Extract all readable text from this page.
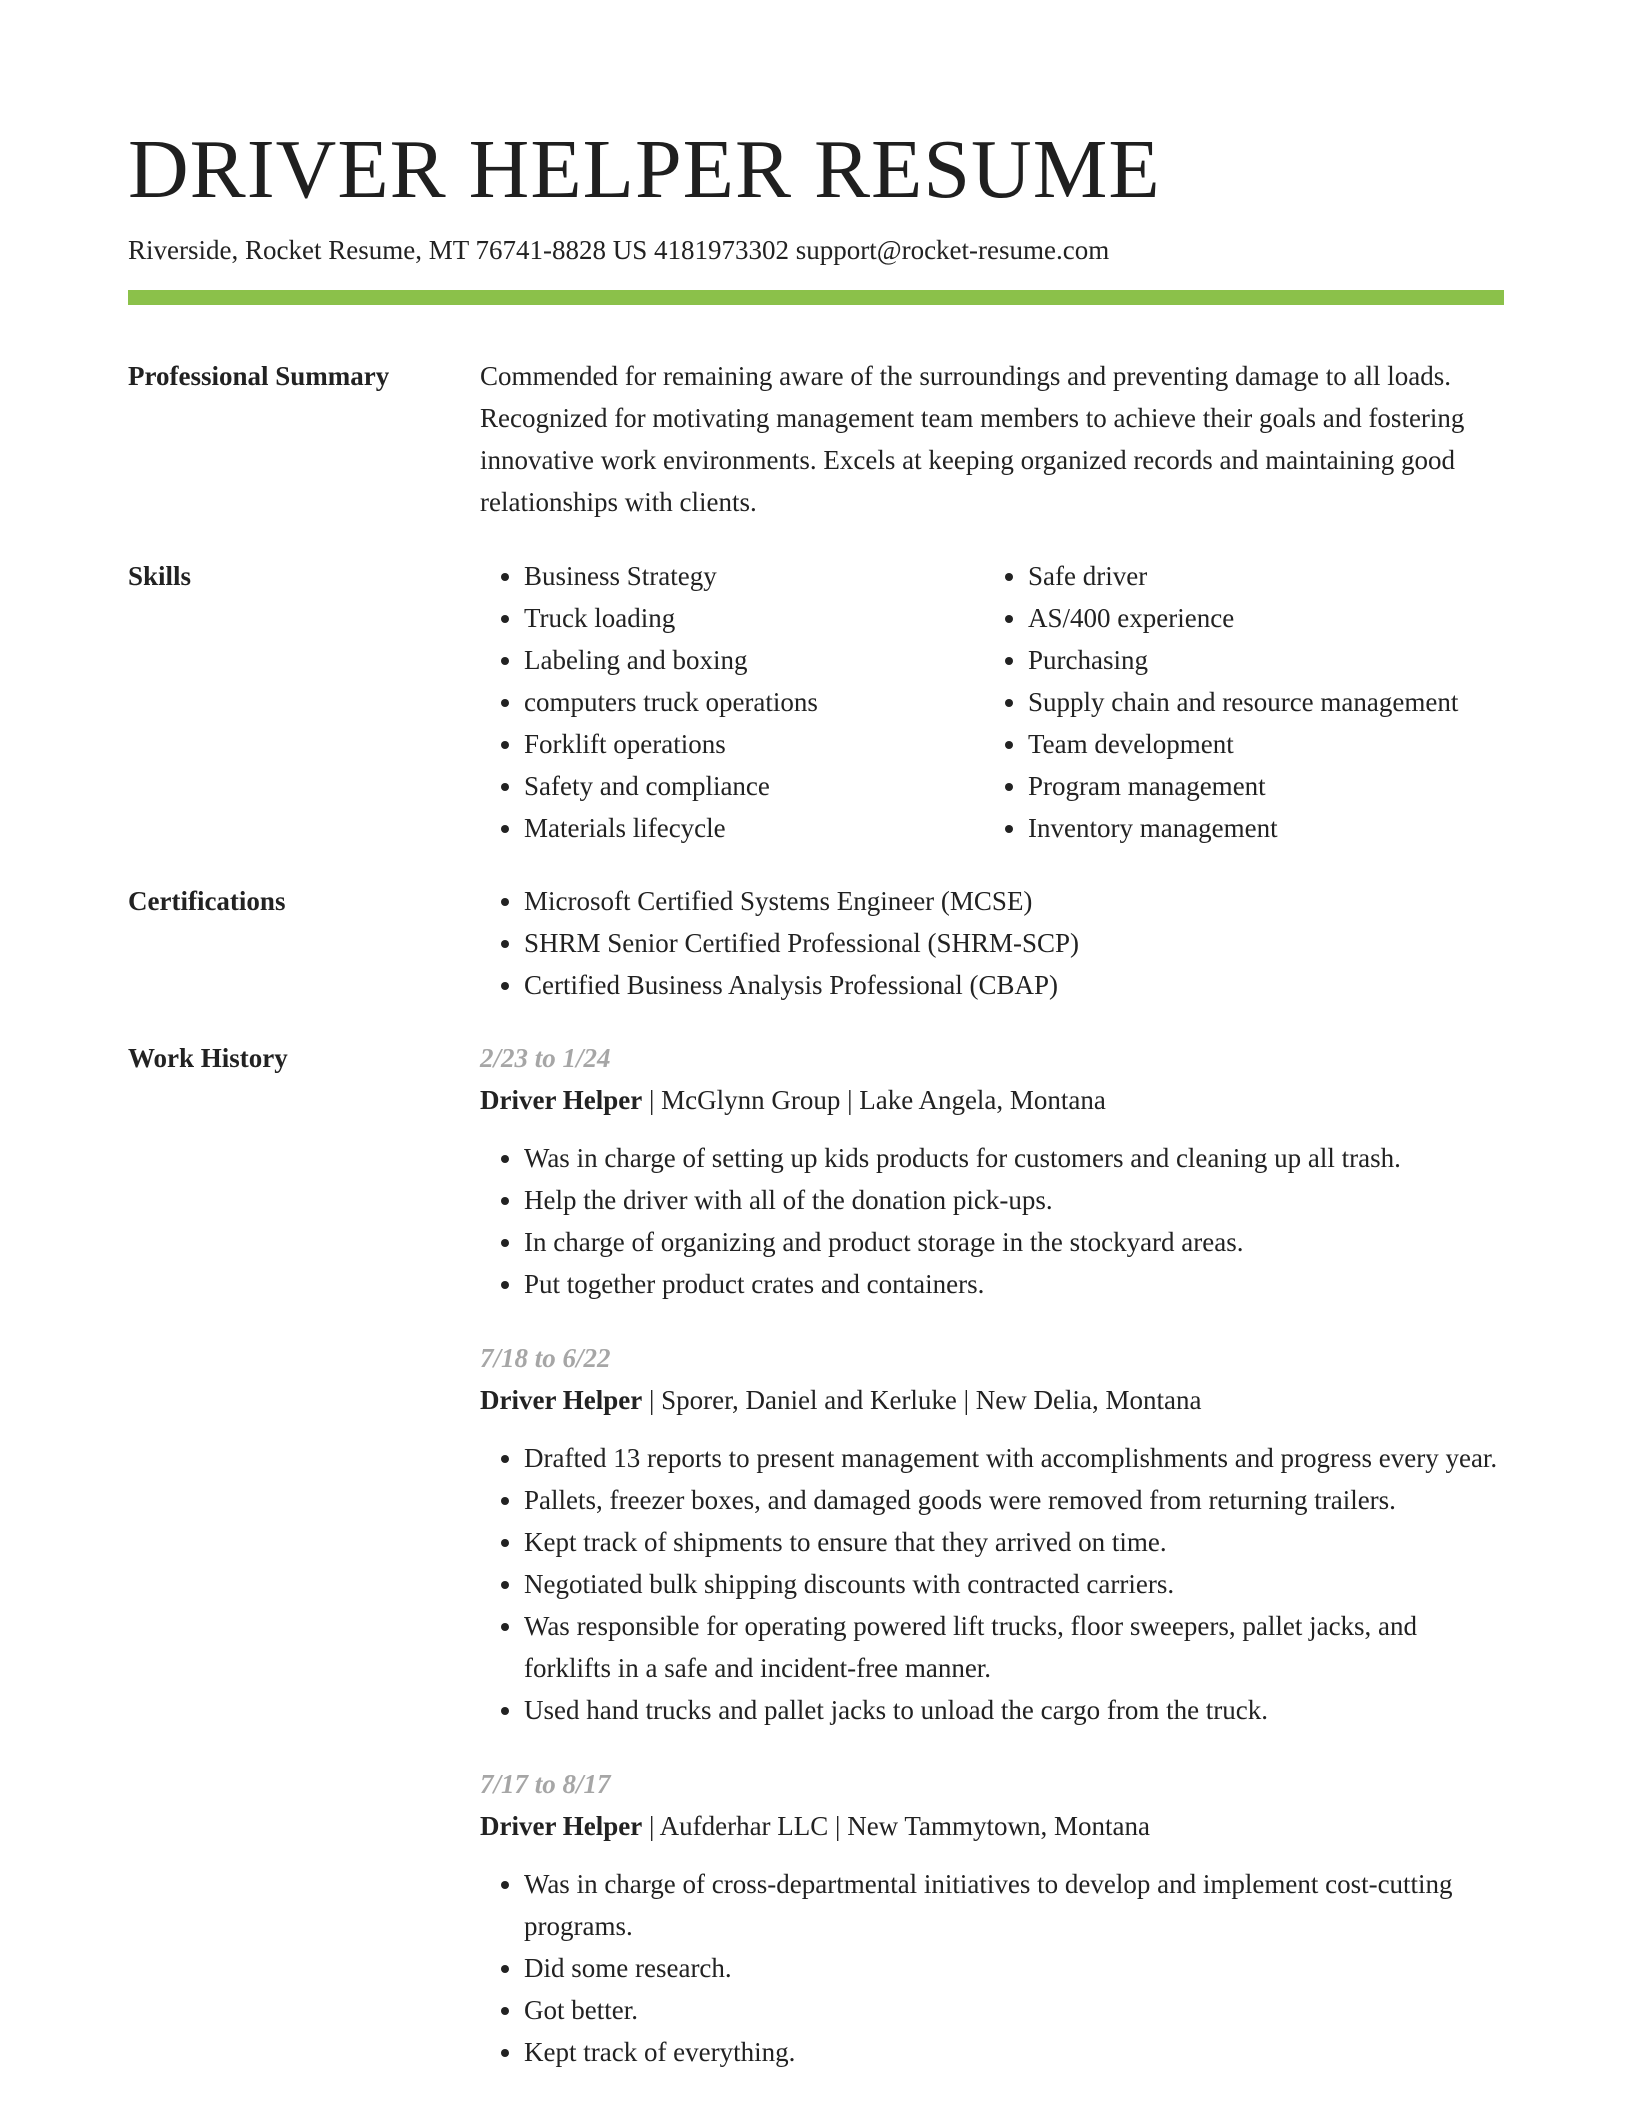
DRIVER HELPER RESUME
Riverside, Rocket Resume, MT 76741-8828 US 4181973302 support@rocket-resume.com
Professional Summary	Commended for remaining aware of the surroundings and preventing damage to all loads. Recognized for motivating management team members to achieve their goals and fostering innovative work environments. Excels at keeping organized records and maintaining good relationships with clients.
Skills	• Business Strategy
• Truck loading
• Labeling and boxing
• computers truck operations
• Forklift operations
• Safety and compliance
• Materials lifecycle
• Safe driver
• AS/400 experience
• Purchasing
• Supply chain and resource management
• Team development
• Program management
• Inventory management
Certifications	• Microsoft Certified Systems Engineer (MCSE)
• SHRM Senior Certified Professional (SHRM-SCP)
• Certified Business Analysis Professional (CBAP)
Work History	2/23 to 1/24
Driver Helper | McGlynn Group | Lake Angela, Montana
• Was in charge of setting up kids products for customers and cleaning up all trash.
• Help the driver with all of the donation pick-ups.
• In charge of organizing and product storage in the stockyard areas.
• Put together product crates and containers.
7/18 to 6/22
Driver Helper | Sporer, Daniel and Kerluke | New Delia, Montana
• Drafted 13 reports to present management with accomplishments and progress every year.
• Pallets, freezer boxes, and damaged goods were removed from returning trailers.
• Kept track of shipments to ensure that they arrived on time.
• Negotiated bulk shipping discounts with contracted carriers.
• Was responsible for operating powered lift trucks, floor sweepers, pallet jacks, and forklifts in a safe and incident-free manner.
• Used hand trucks and pallet jacks to unload the cargo from the truck.
7/17 to 8/17
Driver Helper | Aufderhar LLC | New Tammytown, Montana
• Was in charge of cross-departmental initiatives to develop and implement cost-cutting programs.
• Did some research.
• Got better.
• Kept track of everything.
